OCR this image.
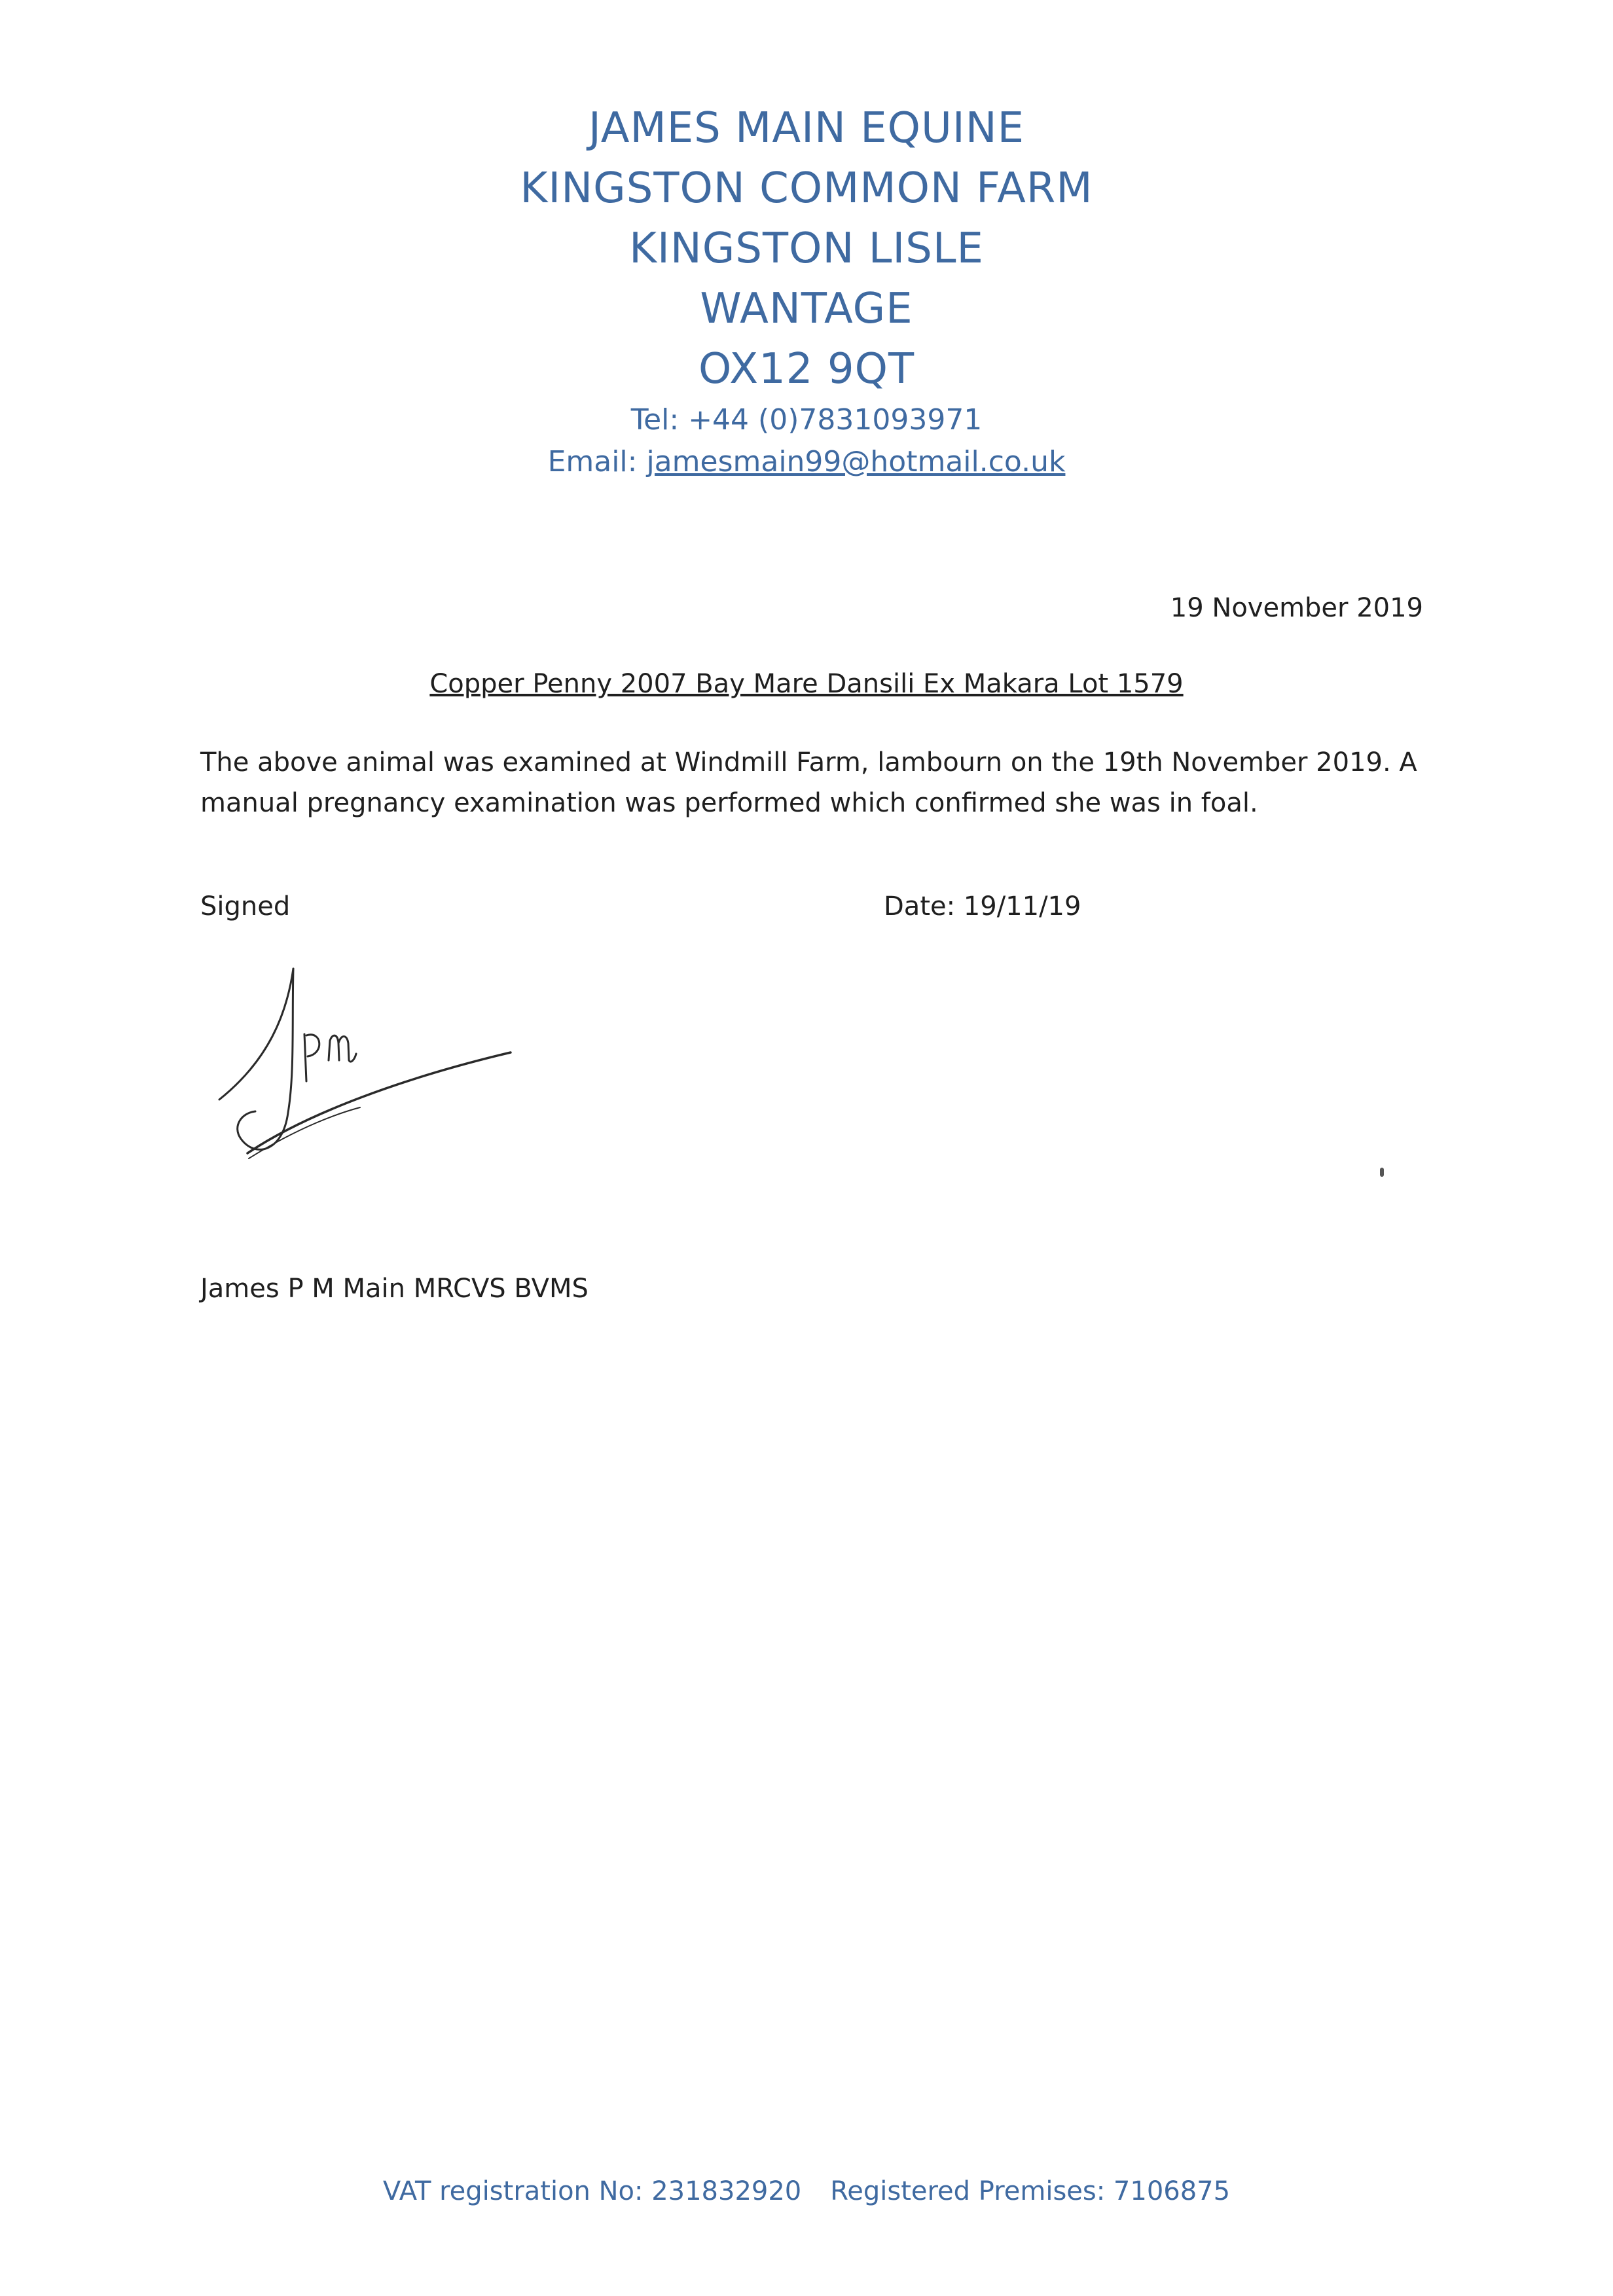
JAMES MAIN EQUINE
KINGSTON COMMON FARM
KINGSTON LISLE
WANTAGE
OX12 9QT
Tel: +44 (0)7831093971
Email: jamesmain99@hotmail.co.uk
19 November 2019
Copper Penny 2007 Bay Mare Dansili Ex Makara Lot 1579
The above animal was examined at Windmill Farm, lambourn on the 19th November 2019. A manual pregnancy examination was performed which confirmed she was in foal.
Signed	Date: 19/11/19
James P M Main MRCVS BVMS
VAT registration No: 231832920 Registered Premises: 7106875
